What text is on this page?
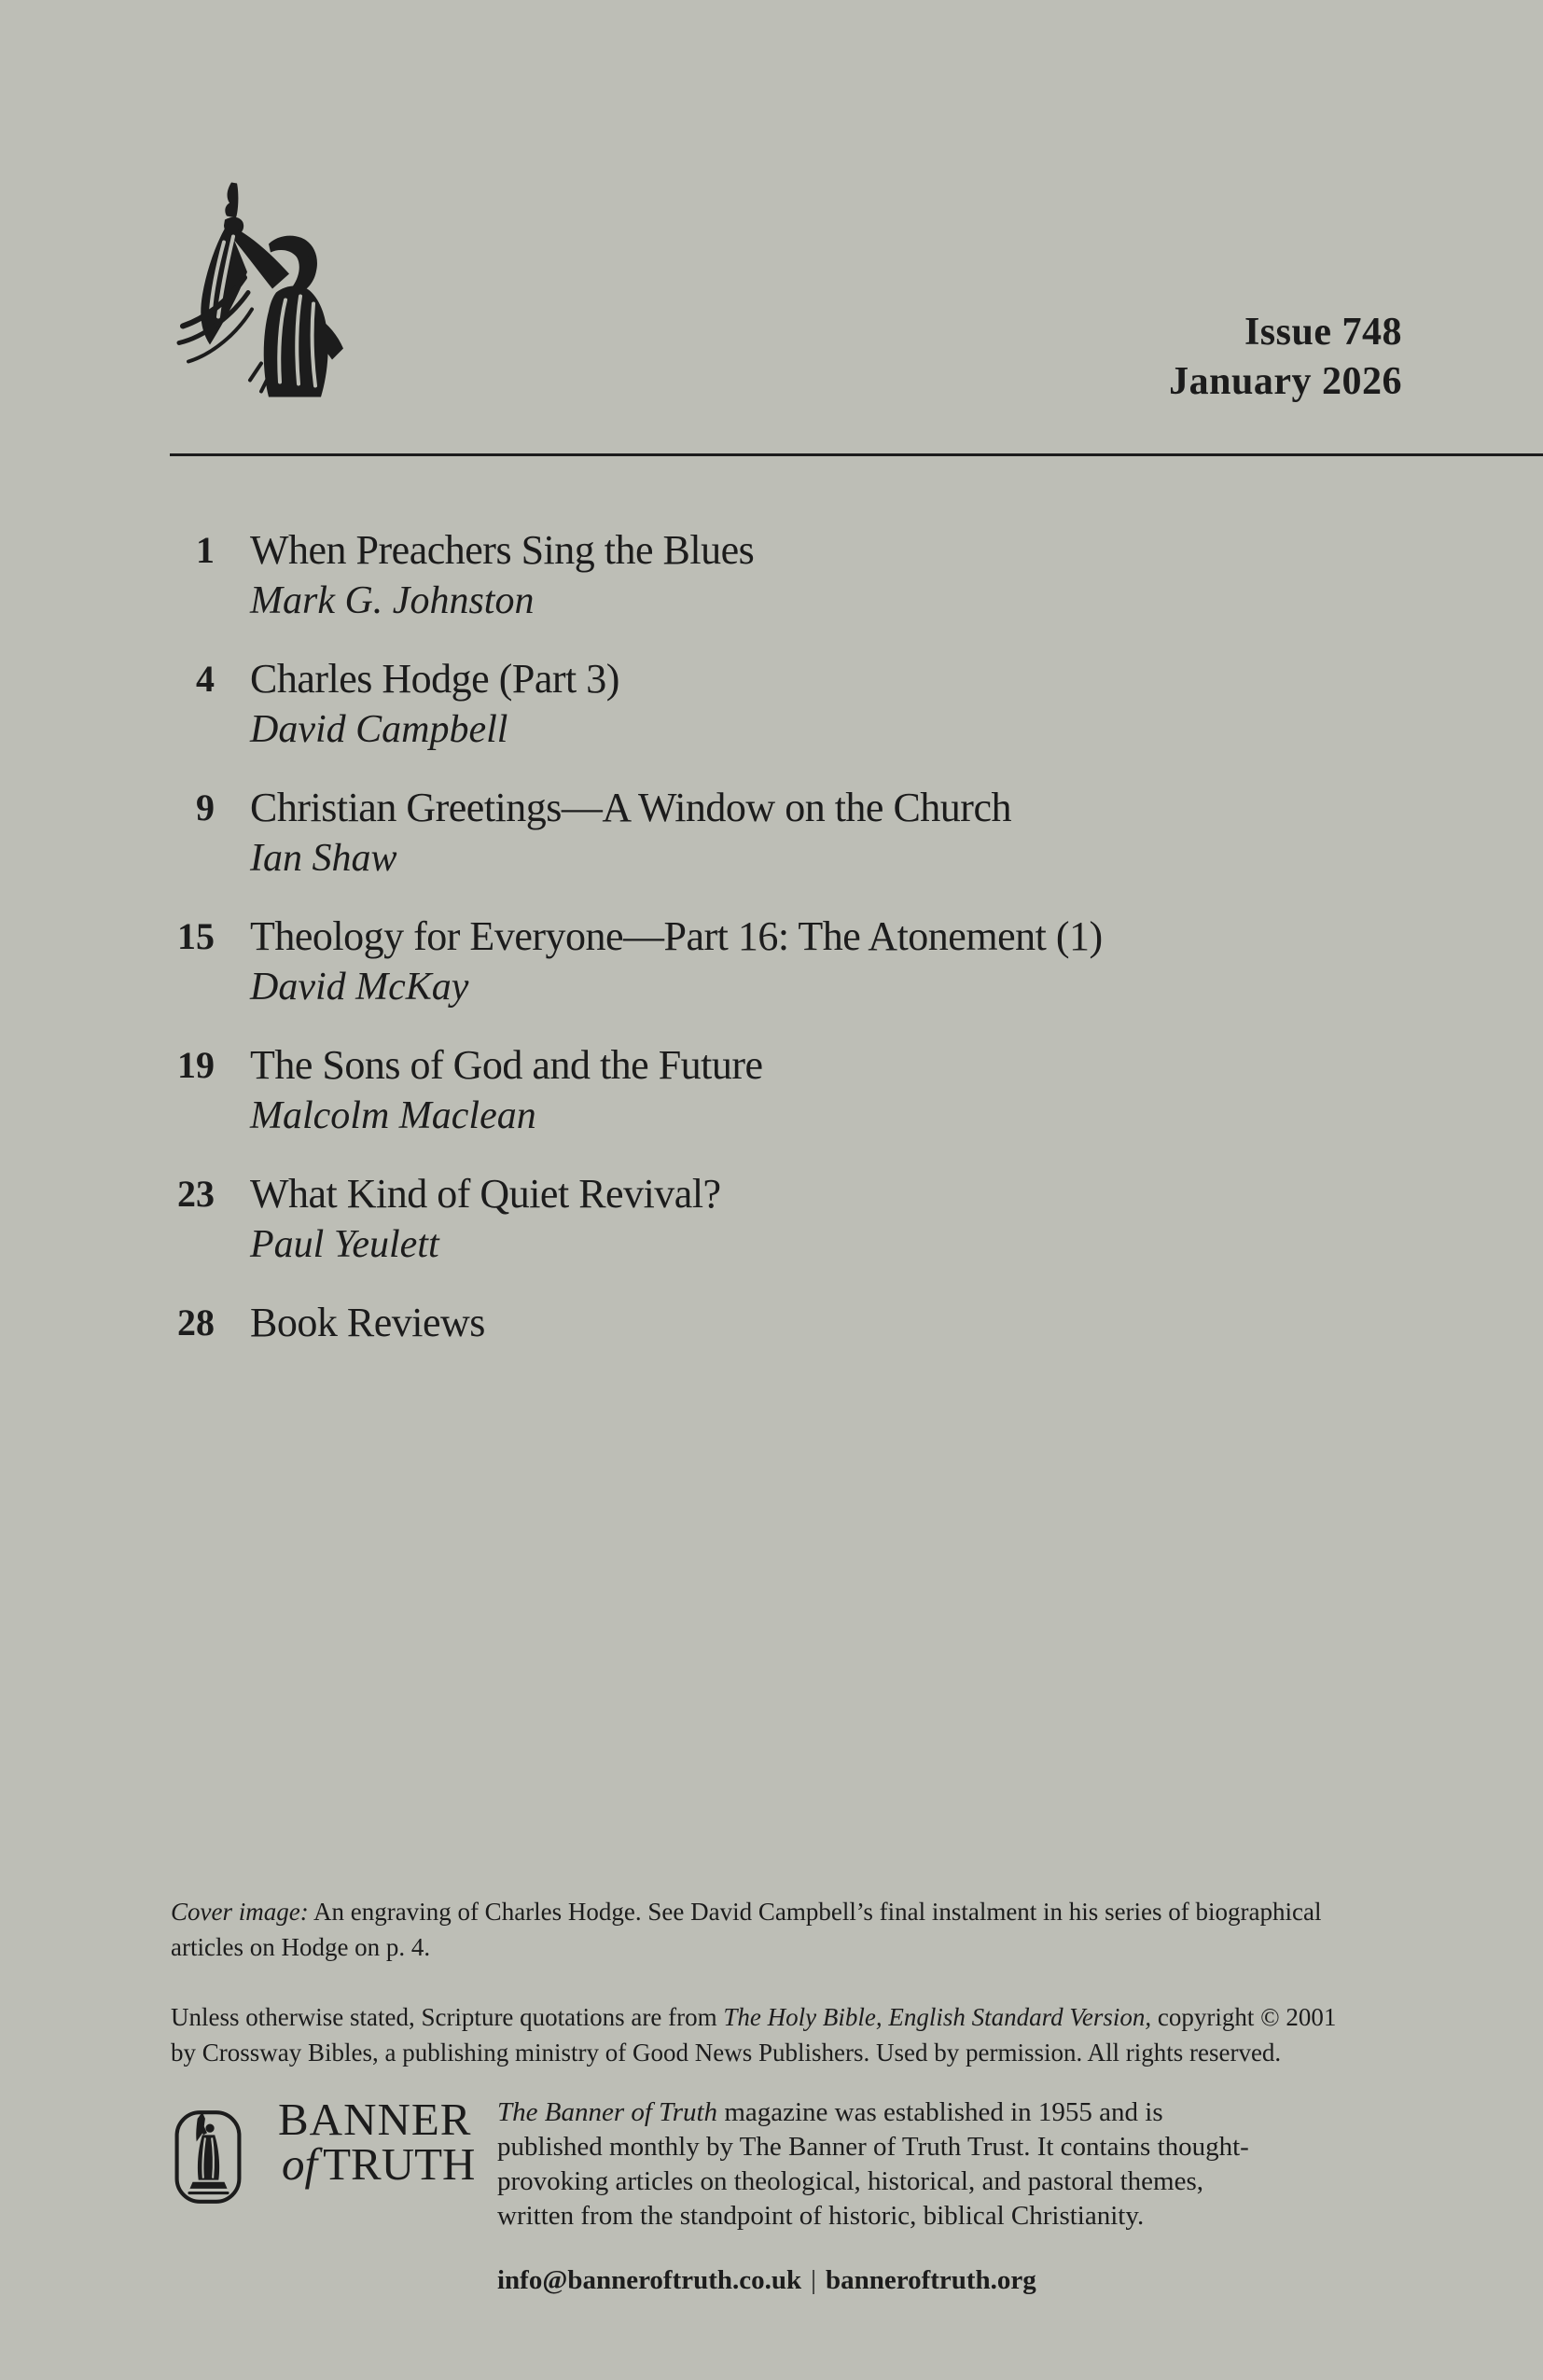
Issue 748
January 2026
1 When Preachers Sing the Blues
Mark G. Johnston
4 Charles Hodge (Part 3)
David Campbell
9 Christian Greetings—A Window on the Church
Ian Shaw
15 Theology for Everyone—Part 16: The Atonement (1)
David McKay
19 The Sons of God and the Future
Malcolm Maclean
23 What Kind of Quiet Revival?
Paul Yeulett
28 Book Reviews
Cover image: An engraving of Charles Hodge. See David Campbell’s final instalment in his series of biographical
articles on Hodge on p. 4.
Unless otherwise stated, Scripture quotations are from The Holy Bible, English Standard Version, copyright © 2001
by Crossway Bibles, a publishing ministry of Good News Publishers. Used by permission. All rights reserved.
BANNER
of TRUTH
The Banner of Truth magazine was established in 1955 and is
published monthly by The Banner of Truth Trust. It contains thought-
provoking articles on theological, historical, and pastoral themes,
written from the standpoint of historic, biblical Christianity.
info@banneroftruth.co.uk | banneroftruth.org
